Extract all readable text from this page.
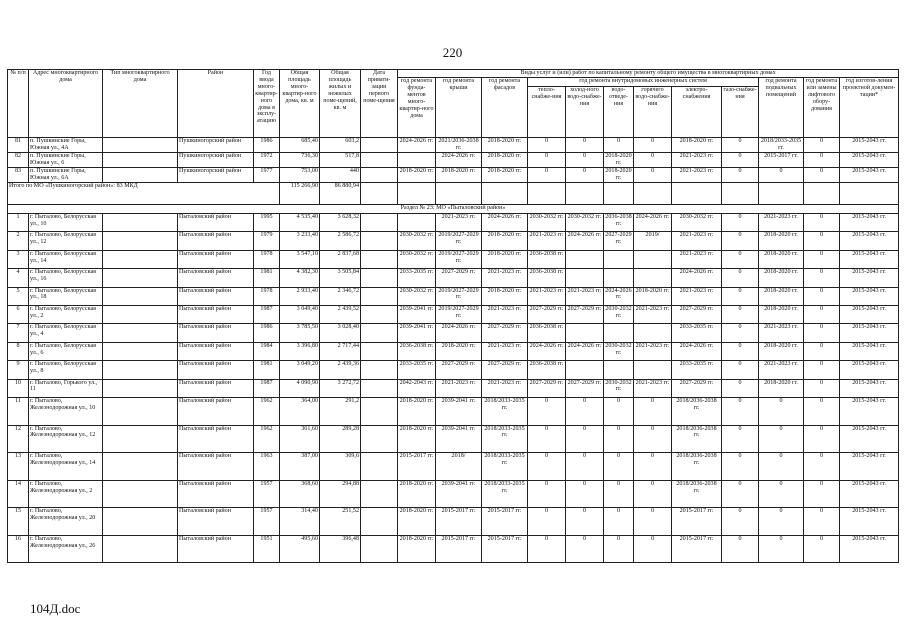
220
№ п/п	Адрес многоквартирного дома	Тип многоквартирного дома	Район	Год ввода много-квартир-ного дома в эксплу-атацию	Общая площадь много-квартир-ного дома, кв. м	Общая площадь жилых и нежилых поме-щений, кв. м	Дата привати-зации первого поме-щения	Виды услуг и (или) работ по капитальному ремонту общего имущества в многоквартирных домах											
								год ремонта фунда-ментов много-квартир-ного дома	год ремонта крыши	год ремонта фасадов	год ремонта внутридомовых инженерных систем						год ремонта подвальных помещений	год ремонта или замены лифтового обору-дования	год изготов-ления проектной докумен-тации*
											тепло-снабже-ния	холод-ного водо-снабже-ния	водо-отведе-ния	горячего водо-снабже-ния	электро-снабжения	газо-снабже-ния			
81	п. Пушкинские Горы, Южная ул., 4А		Пушкиногорский район	1986	685,40	603,2		2024-2026 гг.	2021/2036-2038 гг.	2018-2020 гг.	0	0	0	0	2018-2020 гг.	0	2018/2033-2035 гг.	0	2015-2043 гг.
82	п. Пушкинские Горы, Южная ул., 6		Пушкиногорский район	1972	736,30	517,8			2024-2026 гг.	2018-2020 гг.	0	0	2018-2020 гг.	0	2021-2023 гг.	0	2015-2017 гг.	0	2015-2043 гг.
83	п. Пушкинские Горы, Южная ул., 6А		Пушкиногорский район	1977	753,00	440		2018-2020 гг.	2018-2020 гг.	2018-2020 гг.	0	0	2018-2020 гг.	0	2021-2023 гг.	0	0	0	2015-2043 гг.
Итого по МО «Пушкиногорский район»: 83 МКД					115 266,90	86 880,94													
Раздел № 23: МО «Пыталовский район»																			
1	г. Пыталово, Белорусская ул., 10		Пыталовский район	1995	4 535,40	3 628,32			2021-2023 гг.	2024-2026 гг.	2030-2032 гг.	2030-2032 гг.	2036-2038 гг.	2024-2026 гг.	2030-2032 гг.	0	2021-2023 гг.	0	2015-2043 гг.
2	г. Пыталово, Белорусская ул., 12		Пыталовский район	1979	3 233,40	2 586,72		2030-2032 гг.	2019/2027-2029 гг.	2018-2020 гг.	2021-2023 гг.	2024-2026 гг.	2027-2029 гг.	2019/	2021-2023 гг.	0	2018-2020 гг.	0	2015-2043 гг.
3	г. Пыталово, Белорусская ул., 14		Пыталовский район	1978	3 547,10	2 837,68		2030-2032 гг.	2019/2027-2029 гг.	2018-2020 гг.	2036-2038 гг.				2021-2023 гг.	0	2018-2020 гг.	0	2015-2043 гг.
4	г. Пыталово, Белорусская ул., 16		Пыталовский район	1981	4 382,30	3 505,84		2033-2035 гг.	2027-2029 гг.	2021-2023 гг.	2036-2038 гг.				2024-2026 гг.	0	2018-2020 гг.	0	2015-2043 гг.
5	г. Пыталово, Белорусская ул., 18		Пыталовский район	1978	2 933,40	2 346,72		2030-2032 гг.	2019/2027-2029 гг.	2018-2020 гг.	2021-2023 гг.	2021-2023 гг.	2024-2026 гг.	2018-2020 гг.	2021-2023 гг.	0	2018-2020 гг.	0	2015-2043 гг.
6	г. Пыталово, Белорусская ул., 2		Пыталовский район	1987	3 049,40	2 439,52		2039-2041 гг.	2019/2027-2029 гг.	2021-2023 гг.	2027-2029 гг.	2027-2029 гг.	2030-2032 гг.	2021-2023 гг.	2027-2029 гг.	0	2018-2020 гг.	0	2015-2043 гг.
7	г. Пыталово, Белорусская ул., 4		Пыталовский район	1986	3 785,50	3 028,40		2039-2041 гг.	2024-2026 гг.	2027-2029 гг.	2036-2038 гг.				2033-2035 гг.	0	2021-2023 гг.	0	2015-2043 гг.
8	г. Пыталово, Белорусская ул., 6		Пыталовский район	1984	3 396,80	2 717,44		2036-2038 гг.	2018-2020 гг.	2021-2023 гг.	2024-2026 гг.	2024-2026 гг.	2030-2032 гг.	2021-2023 гг.	2024-2026 гг.	0	2018-2020 гг.	0	2015-2043 гг.
9	г. Пыталово, Белорусская ул., 8		Пыталовский район	1981	3 049,20	2 439,36		2033-2035 гг.	2027-2029 гг.	2027-2029 гг.	2036-2038 гг.				2033-2035 гг.	0	2021-2023 гг.	0	2015-2043 гг.
10	г. Пыталово, Горького ул., 11		Пыталовский район	1987	4 090,90	3 272,72		2042-2043 гг.	2021-2023 гг.	2021-2023 гг.	2027-2029 гг.	2027-2029 гг.	2030-2032 гг.	2021-2023 гг.	2027-2029 гг.	0	2018-2020 гг.	0	2015-2043 гг.
11	г. Пыталово, Железнодорожная ул., 10		Пыталовский район	1962	364,00	291,2		2018-2020 гг.	2039-2041 гг.	2018/2033-2035 гг.	0	0	0	0	2018/2036-2038 гг.	0	0	0	2015-2043 гг.
12	г. Пыталово, Железнодорожная ул., 12		Пыталовский район	1962	361,60	289,28		2018-2020 гг.	2039-2041 гг.	2018/2033-2035 гг.	0	0	0	0	2018/2036-2038 гг.	0	0	0	2015-2043 гг.
13	г. Пыталово, Железнодорожная ул., 14		Пыталовский район	1963	387,00	309,6		2015-2017 гг.	2018/	2018/2033-2035 гг.	0	0	0	0	2018/2036-2038 гг.	0	0	0	2015-2043 гг.
14	г. Пыталово, Железнодорожная ул., 2		Пыталовский район	1957	368,60	294,88		2018-2020 гг.	2039-2041 гг.	2018/2033-2035 гг.	0	0	0	0	2018/2036-2038 гг.	0	0	0	2015-2043 гг.
15	г. Пыталово, Железнодорожная ул., 20		Пыталовский район	1957	314,40	251,52		2018-2020 гг.	2015-2017 гг.	2015-2017 гг.	0	0	0	0	2015-2017 гг.	0	0	0	2015-2043 гг.
16	г. Пыталово, Железнодорожная ул., 26		Пыталовский район	1951	495,60	396,48		2018-2020 гг.	2015-2017 гг.	2015-2017 гг.	0	0	0	0	2015-2017 гг.	0	0	0	2015-2043 гг.
104Д.doc
